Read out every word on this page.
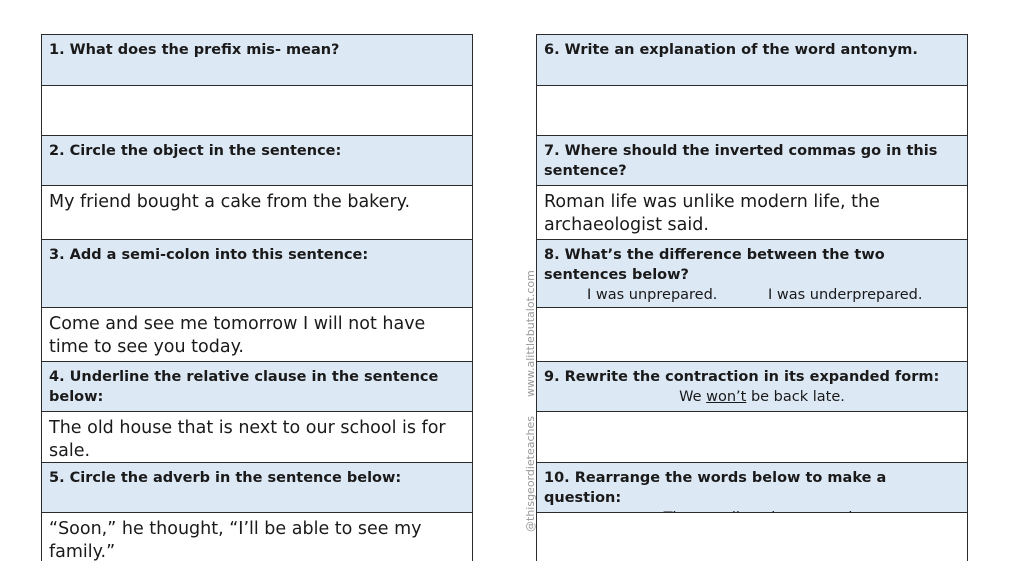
1. What does the prefix mis- mean?
2. Circle the object in the sentence:
My friend bought a cake from the bakery.
3. Add a semi-colon into this sentence:
Come and see me tomorrow I will not have time to see you today.
4. Underline the relative clause in the sentence below:
The old house that is next to our school is for sale.
5. Circle the adverb in the sentence below:
“Soon,” he thought, “I’ll be able to see my family.”
6. Write an explanation of the word antonym.
7. Where should the inverted commas go in this sentence?
Roman life was unlike modern life, the archaeologist said.
8. What’s the difference between the two sentences below?
I was unprepared.	I was underprepared.
9. Rewrite the contraction in its expanded form:
We won’t be back late.
10. Rearrange the words below to make a question:
www.alittlebutalot.com
@thisgeordieteaches
